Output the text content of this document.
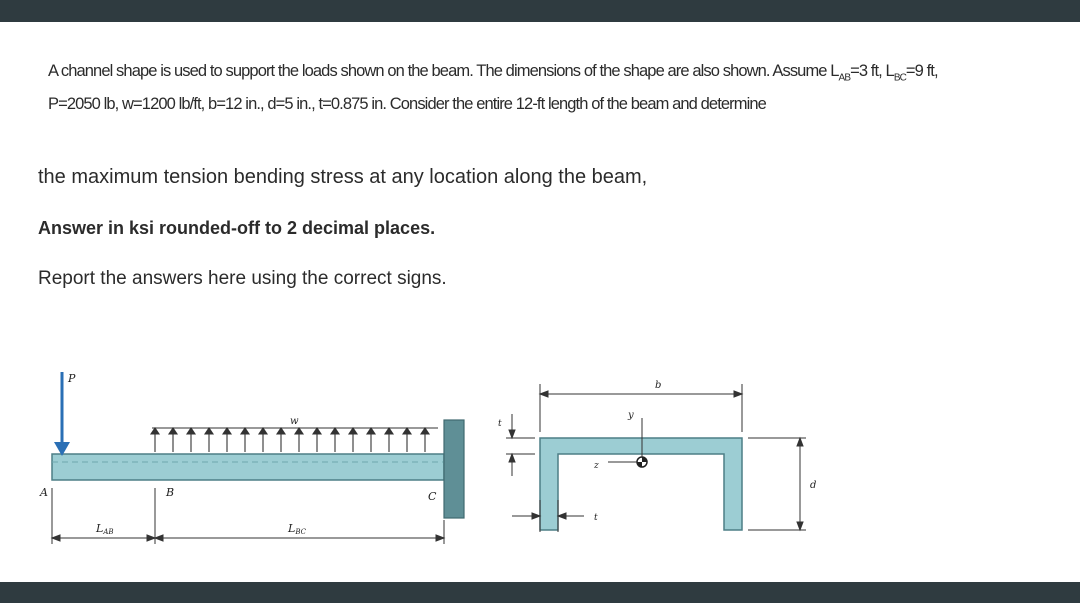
A channel shape is used to support the loads shown on the beam. The dimensions of the shape are also shown. Assume $L_{AB}=3$ ft, $L_{BC}=9$ ft,
P=2050 lb, w=1200 lb/ft, b=12 in., d=5 in., t=0.875 in. Consider the entire 12-ft length of the beam and determine
the maximum tension bending stress at any location along the beam,
Answer in ksi rounded-off to 2 decimal places.
Report the answers here using the correct signs.
P
w
A	B	C
LAB	LBC
y
z
b
d
t
t
